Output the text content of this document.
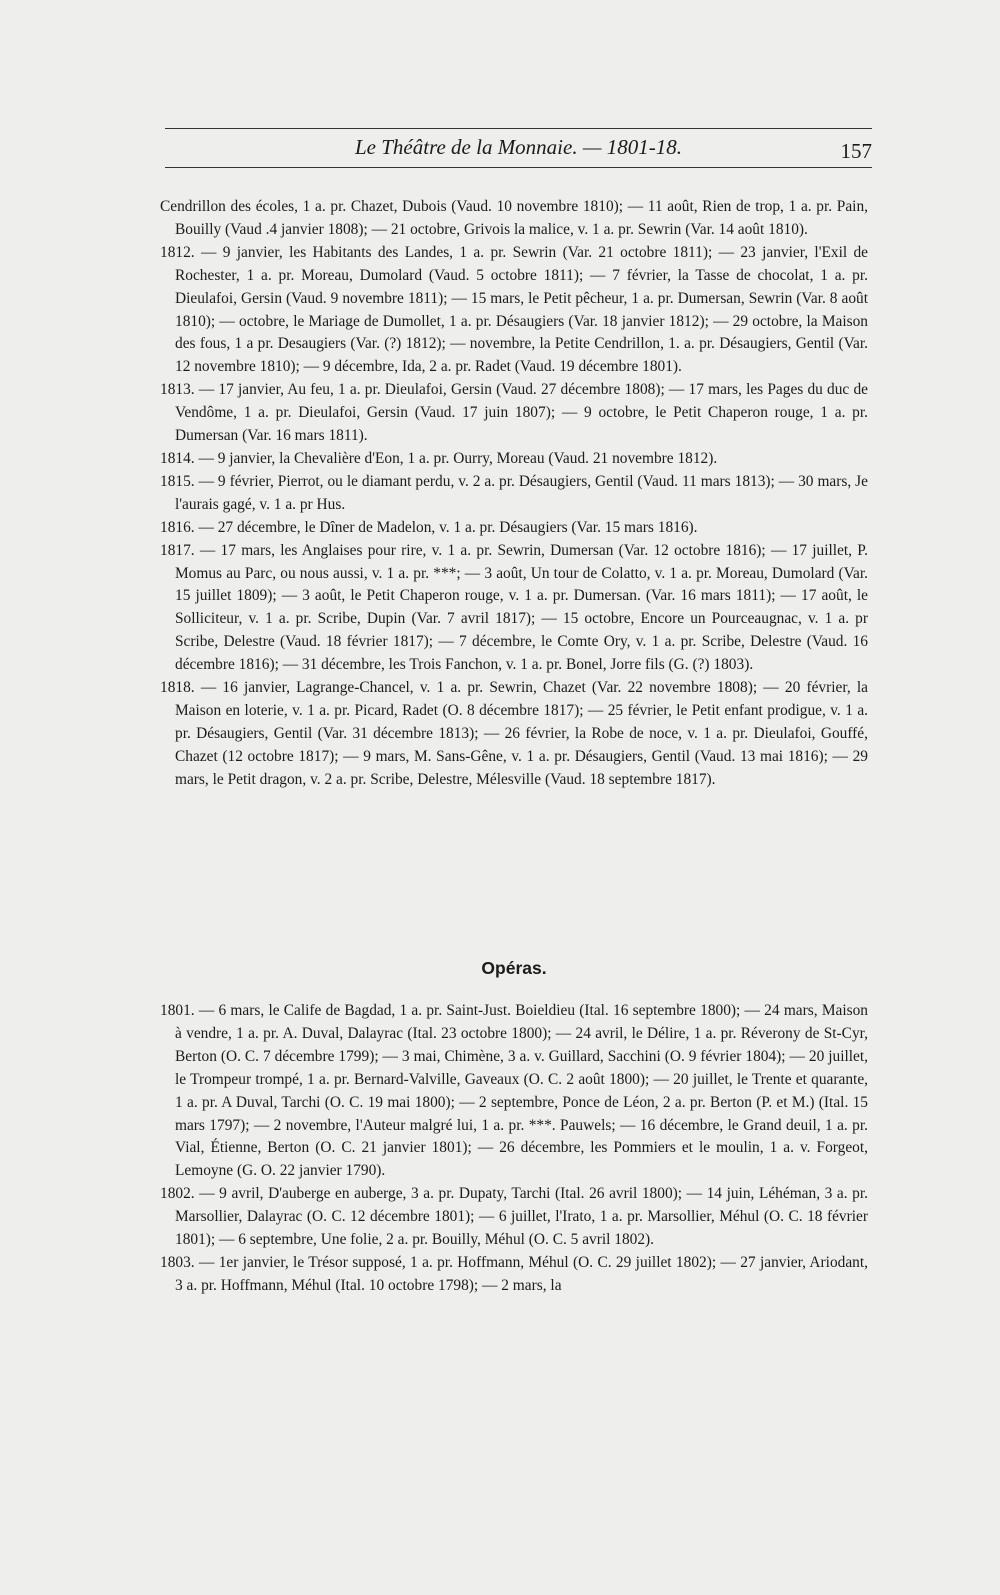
Le Théâtre de la Monnaie. — 1801-18.	157

Cendrillon des écoles, 1 a. pr. Chazet, Dubois (Vaud. 10 novembre 1810); — 11 août, Rien de trop, 1 a. pr. Pain, Bouilly (Vaud .4 janvier 1808); — 21 octobre, Grivois la malice, v. 1 a. pr. Sewrin (Var. 14 août 1810).

1812. — 9 janvier, les Habitants des Landes, 1 a. pr. Sewrin (Var. 21 octobre 1811); — 23 janvier, l'Exil de Rochester, 1 a. pr. Moreau, Dumolard (Vaud. 5 octobre 1811); — 7 février, la Tasse de chocolat, 1 a. pr. Dieulafoi, Gersin (Vaud. 9 novembre 1811); — 15 mars, le Petit pêcheur, 1 a. pr. Dumersan, Sewrin (Var. 8 août 1810); — octobre, le Mariage de Dumollet, 1 a. pr. Désaugiers (Var. 18 janvier 1812); — 29 octobre, la Maison des fous, 1 a pr. Desaugiers (Var. (?) 1812); — novembre, la Petite Cendrillon, 1. a. pr. Désaugiers, Gentil (Var. 12 novembre 1810); — 9 décembre, Ida, 2 a. pr. Radet (Vaud. 19 décembre 1801).

1813. — 17 janvier, Au feu, 1 a. pr. Dieulafoi, Gersin (Vaud. 27 décembre 1808); — 17 mars, les Pages du duc de Vendôme, 1 a. pr. Dieulafoi, Gersin (Vaud. 17 juin 1807); — 9 octobre, le Petit Chaperon rouge, 1 a. pr. Dumersan (Var. 16 mars 1811).

1814. — 9 janvier, la Chevalière d'Eon, 1 a. pr. Ourry, Moreau (Vaud. 21 novembre 1812).

1815. — 9 février, Pierrot, ou le diamant perdu, v. 2 a. pr. Désaugiers, Gentil (Vaud. 11 mars 1813); — 30 mars, Je l'aurais gagé, v. 1 a. pr Hus.

1816. — 27 décembre, le Dîner de Madelon, v. 1 a. pr. Désaugiers (Var. 15 mars 1816).

1817. — 17 mars, les Anglaises pour rire, v. 1 a. pr. Sewrin, Dumersan (Var. 12 octobre 1816); — 17 juillet, P. Momus au Parc, ou nous aussi, v. 1 a. pr. ***; — 3 août, Un tour de Colatto, v. 1 a. pr. Moreau, Dumolard (Var. 15 juillet 1809); — 3 août, le Petit Chaperon rouge, v. 1 a. pr. Dumersan. (Var. 16 mars 1811); — 17 août, le Solliciteur, v. 1 a. pr. Scribe, Dupin (Var. 7 avril 1817); — 15 octobre, Encore un Pourceaugnac, v. 1 a. pr Scribe, Delestre (Vaud. 18 février 1817); — 7 décembre, le Comte Ory, v. 1 a. pr. Scribe, Delestre (Vaud. 16 décembre 1816); — 31 décembre, les Trois Fanchon, v. 1 a. pr. Bonel, Jorre fils (G. (?) 1803).

1818. — 16 janvier, Lagrange-Chancel, v. 1 a. pr. Sewrin, Chazet (Var. 22 novembre 1808); — 20 février, la Maison en loterie, v. 1 a. pr. Picard, Radet (O. 8 décembre 1817); — 25 février, le Petit enfant prodigue, v. 1 a. pr. Désaugiers, Gentil (Var. 31 décembre 1813); — 26 février, la Robe de noce, v. 1 a. pr. Dieulafoi, Gouffé, Chazet (12 octobre 1817); — 9 mars, M. Sans-Gêne, v. 1 a. pr. Désaugiers, Gentil (Vaud. 13 mai 1816); — 29 mars, le Petit dragon, v. 2 a. pr. Scribe, Delestre, Mélesville (Vaud. 18 septembre 1817).

Opéras.

1801. — 6 mars, le Calife de Bagdad, 1 a. pr. Saint-Just. Boieldieu (Ital. 16 septembre 1800); — 24 mars, Maison à vendre, 1 a. pr. A. Duval, Dalayrac (Ital. 23 octobre 1800); — 24 avril, le Délire, 1 a. pr. Réverony de St-Cyr, Berton (O. C. 7 décembre 1799); — 3 mai, Chimène, 3 a. v. Guillard, Sacchini (O. 9 février 1804); — 20 juillet, le Trompeur trompé, 1 a. pr. Bernard-Valville, Gaveaux (O. C. 2 août 1800); — 20 juillet, le Trente et quarante, 1 a. pr. A Duval, Tarchi (O. C. 19 mai 1800); — 2 septembre, Ponce de Léon, 2 a. pr. Berton (P. et M.) (Ital. 15 mars 1797); — 2 novembre, l'Auteur malgré lui, 1 a. pr. ***. Pauwels; — 16 décembre, le Grand deuil, 1 a. pr. Vial, Étienne, Berton (O. C. 21 janvier 1801); — 26 décembre, les Pommiers et le moulin, 1 a. v. Forgeot, Lemoyne (G. O. 22 janvier 1790).

1802. — 9 avril, D'auberge en auberge, 3 a. pr. Dupaty, Tarchi (Ital. 26 avril 1800); — 14 juin, Léhéman, 3 a. pr. Marsollier, Dalayrac (O. C. 12 décembre 1801); — 6 juillet, l'Irato, 1 a. pr. Marsollier, Méhul (O. C. 18 février 1801); — 6 septembre, Une folie, 2 a. pr. Bouilly, Méhul (O. C. 5 avril 1802).

1803. — 1er janvier, le Trésor supposé, 1 a. pr. Hoffmann, Méhul (O. C. 29 juillet 1802); — 27 janvier, Ariodant, 3 a. pr. Hoffmann, Méhul (Ital. 10 octobre 1798); — 2 mars, la
